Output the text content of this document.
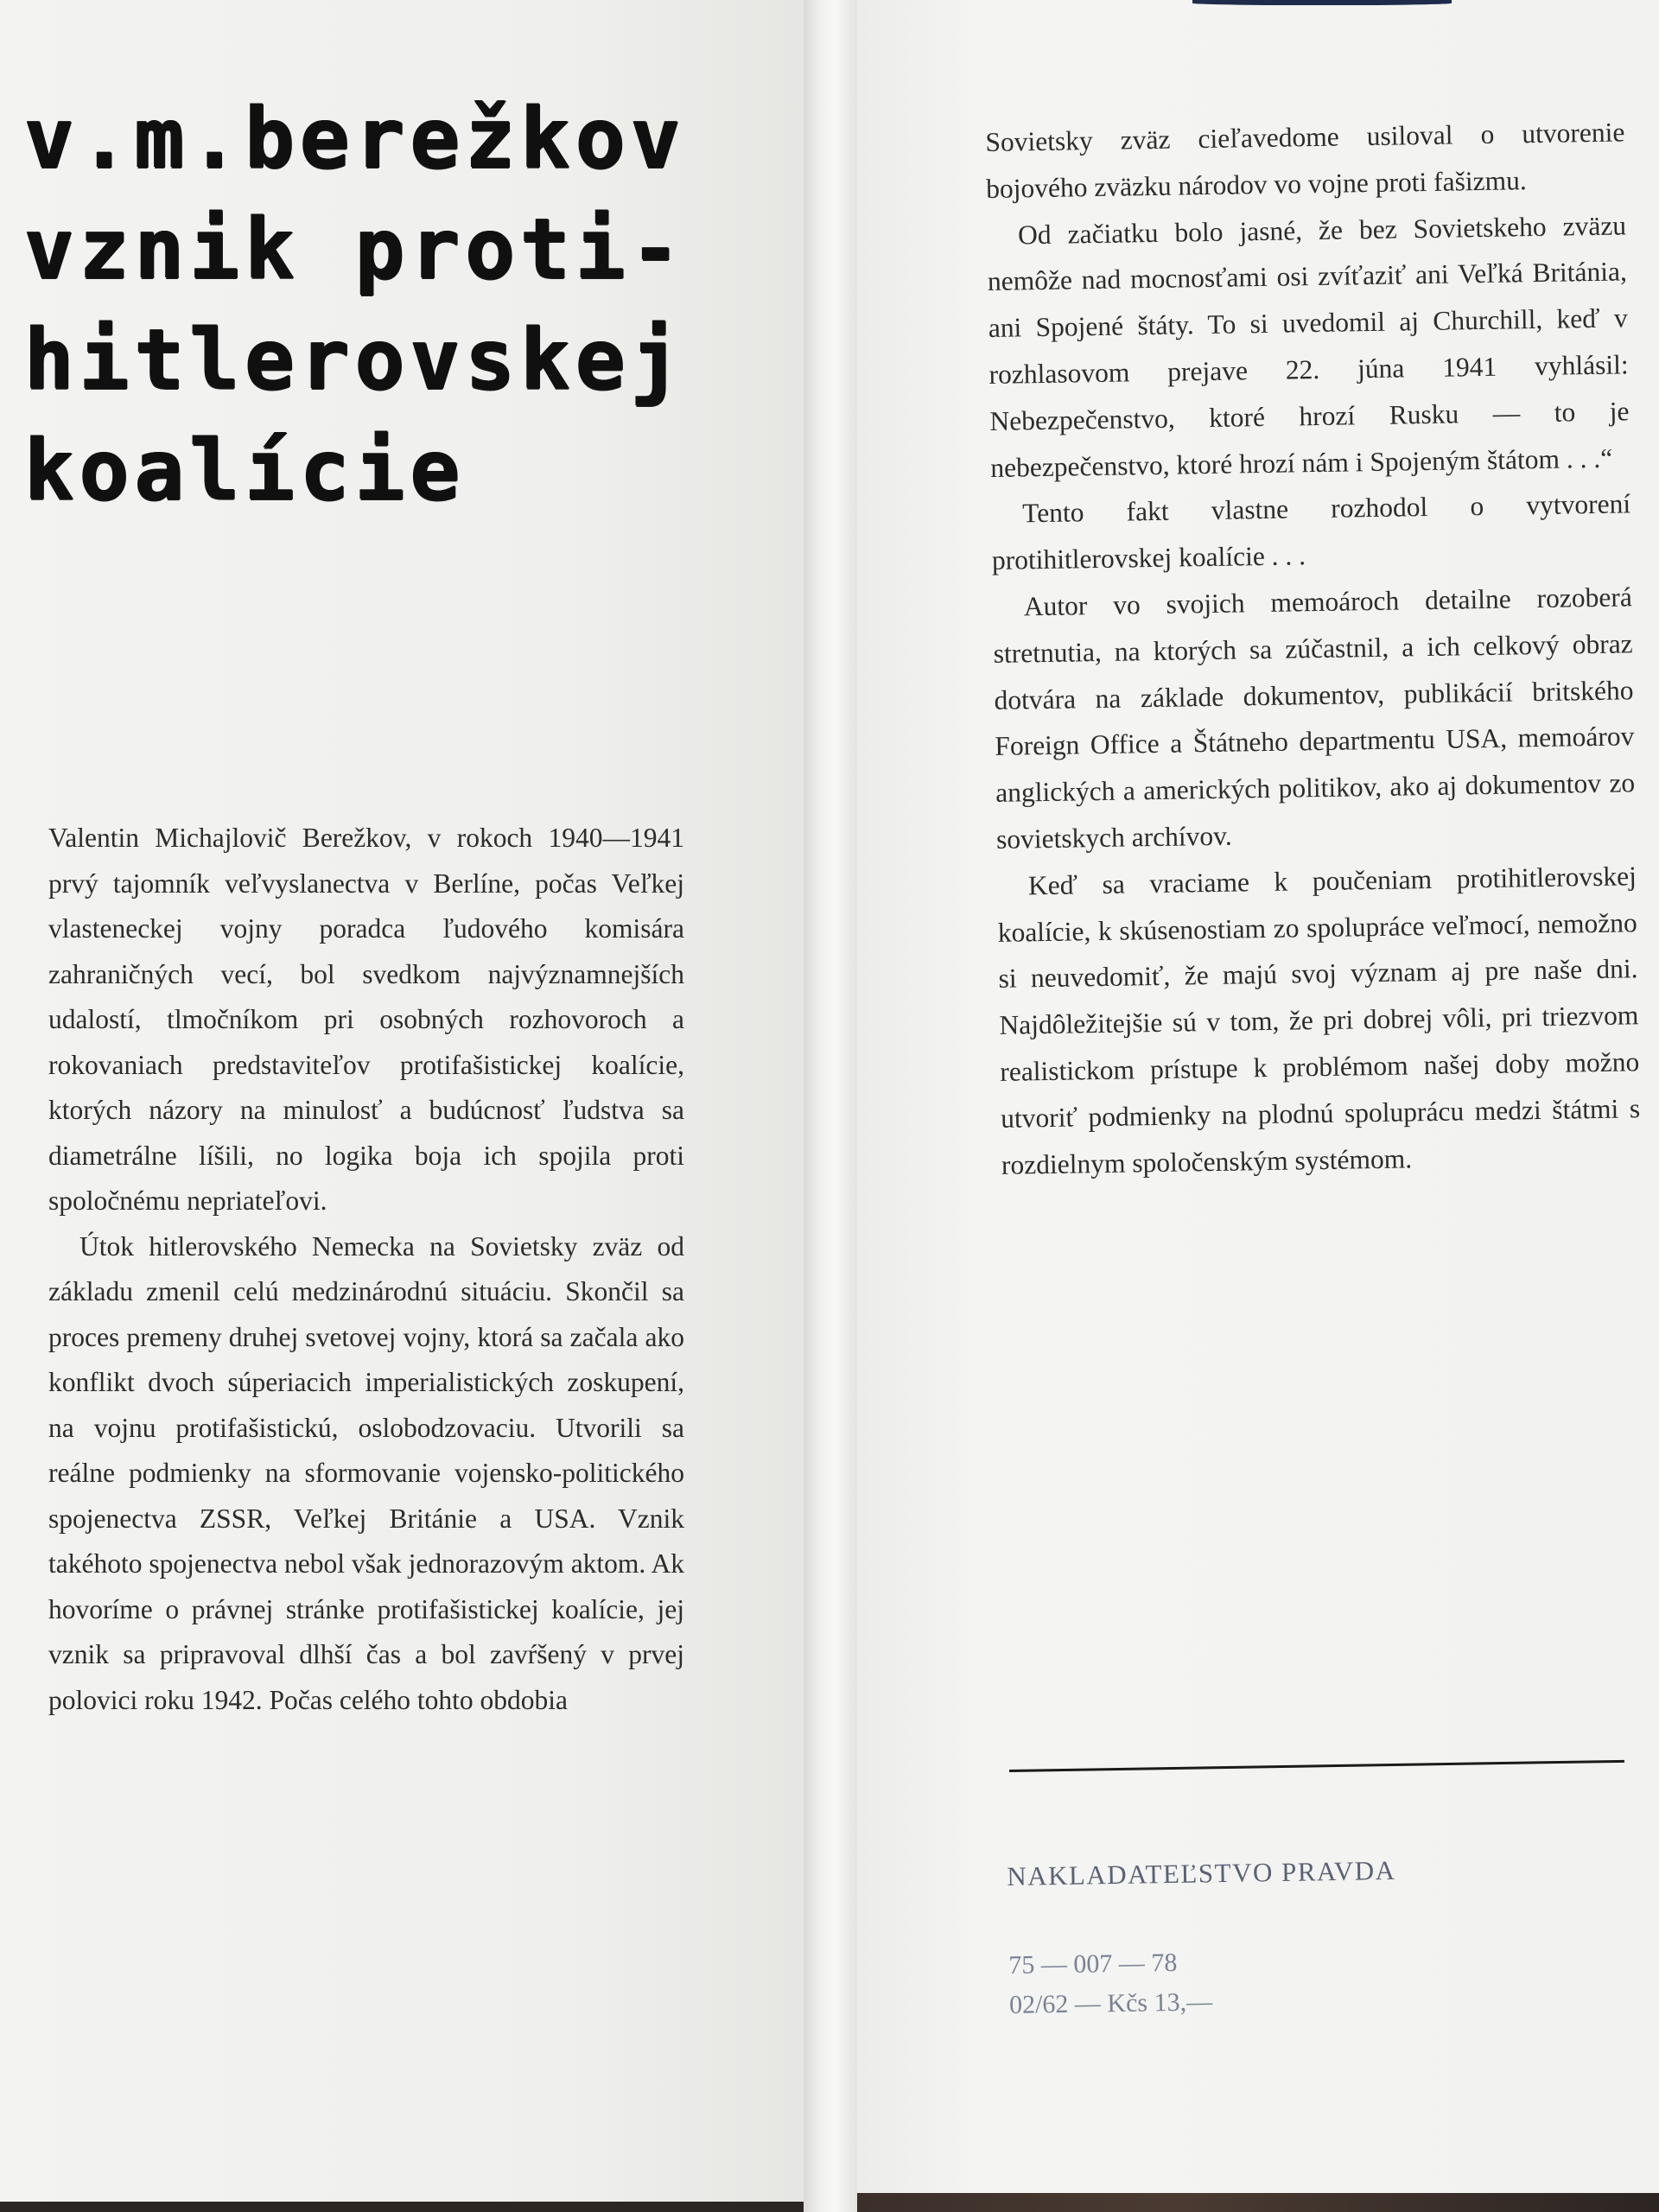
v.m.berežkov
vznik proti-
hitlerovskej
koalície

Valentin Michajlovič Berežkov, v rokoch 1940—1941 prvý tajomník veľvyslanectva v Berlíne, počas Veľkej vlasteneckej vojny poradca ľudového komisára zahraničných vecí, bol svedkom najvýznamnejších udalostí, tlmočníkom pri osobných rozhovoroch a rokovaniach predstaviteľov protifašistickej koalície, ktorých názory na minulosť a budúcnosť ľudstva sa diametrálne líšili, no logika boja ich spojila proti spoločnému nepriateľovi.

Útok hitlerovského Nemecka na Sovietsky zväz od základu zmenil celú medzinárodnú situáciu. Skončil sa proces premeny druhej svetovej vojny, ktorá sa začala ako konflikt dvoch súperiacich imperialistických zoskupení, na vojnu protifašistickú, oslobodzovaciu. Utvorili sa reálne podmienky na sformovanie vojensko-politického spojenectva ZSSR, Veľkej Británie a USA. Vznik takéhoto spojenectva nebol však jednorazovým aktom. Ak hovoríme o právnej stránke protifašistickej koalície, jej vznik sa pripravoval dlhší čas a bol zavŕšený v prvej polovici roku 1942. Počas celého tohto obdobia

Sovietsky zväz cieľavedome usiloval o utvorenie bojového zväzku národov vo vojne proti fašizmu.

Od začiatku bolo jasné, že bez Sovietskeho zväzu nemôže nad mocnosťami osi zvíťaziť ani Veľká Británia, ani Spojené štáty. To si uvedomil aj Churchill, keď v rozhlasovom prejave 22. júna 1941 vyhlásil: Nebezpečenstvo, ktoré hrozí Rusku — to je nebezpečenstvo, ktoré hrozí nám i Spojeným štátom . . .“

Tento fakt vlastne rozhodol o vytvorení protihitlerovskej koalície . . .

Autor vo svojich memoároch detailne rozoberá stretnutia, na ktorých sa zúčastnil, a ich celkový obraz dotvára na základe dokumentov, publikácií britského Foreign Office a Štátneho departmentu USA, memoárov anglických a amerických politikov, ako aj dokumentov zo sovietskych archívov.

Keď sa vraciame k poučeniam protihitlerovskej koalície, k skúsenostiam zo spolupráce veľmocí, nemožno si neuvedomiť, že majú svoj význam aj pre naše dni. Najdôležitejšie sú v tom, že pri dobrej vôli, pri triezvom realistickom prístupe k problémom našej doby možno utvoriť podmienky na plodnú spoluprácu medzi štátmi s rozdielnym spoločenským systémom.

NAKLADATEĽSTVO PRAVDA

75 — 007 — 78
02/62 — Kčs 13,—
